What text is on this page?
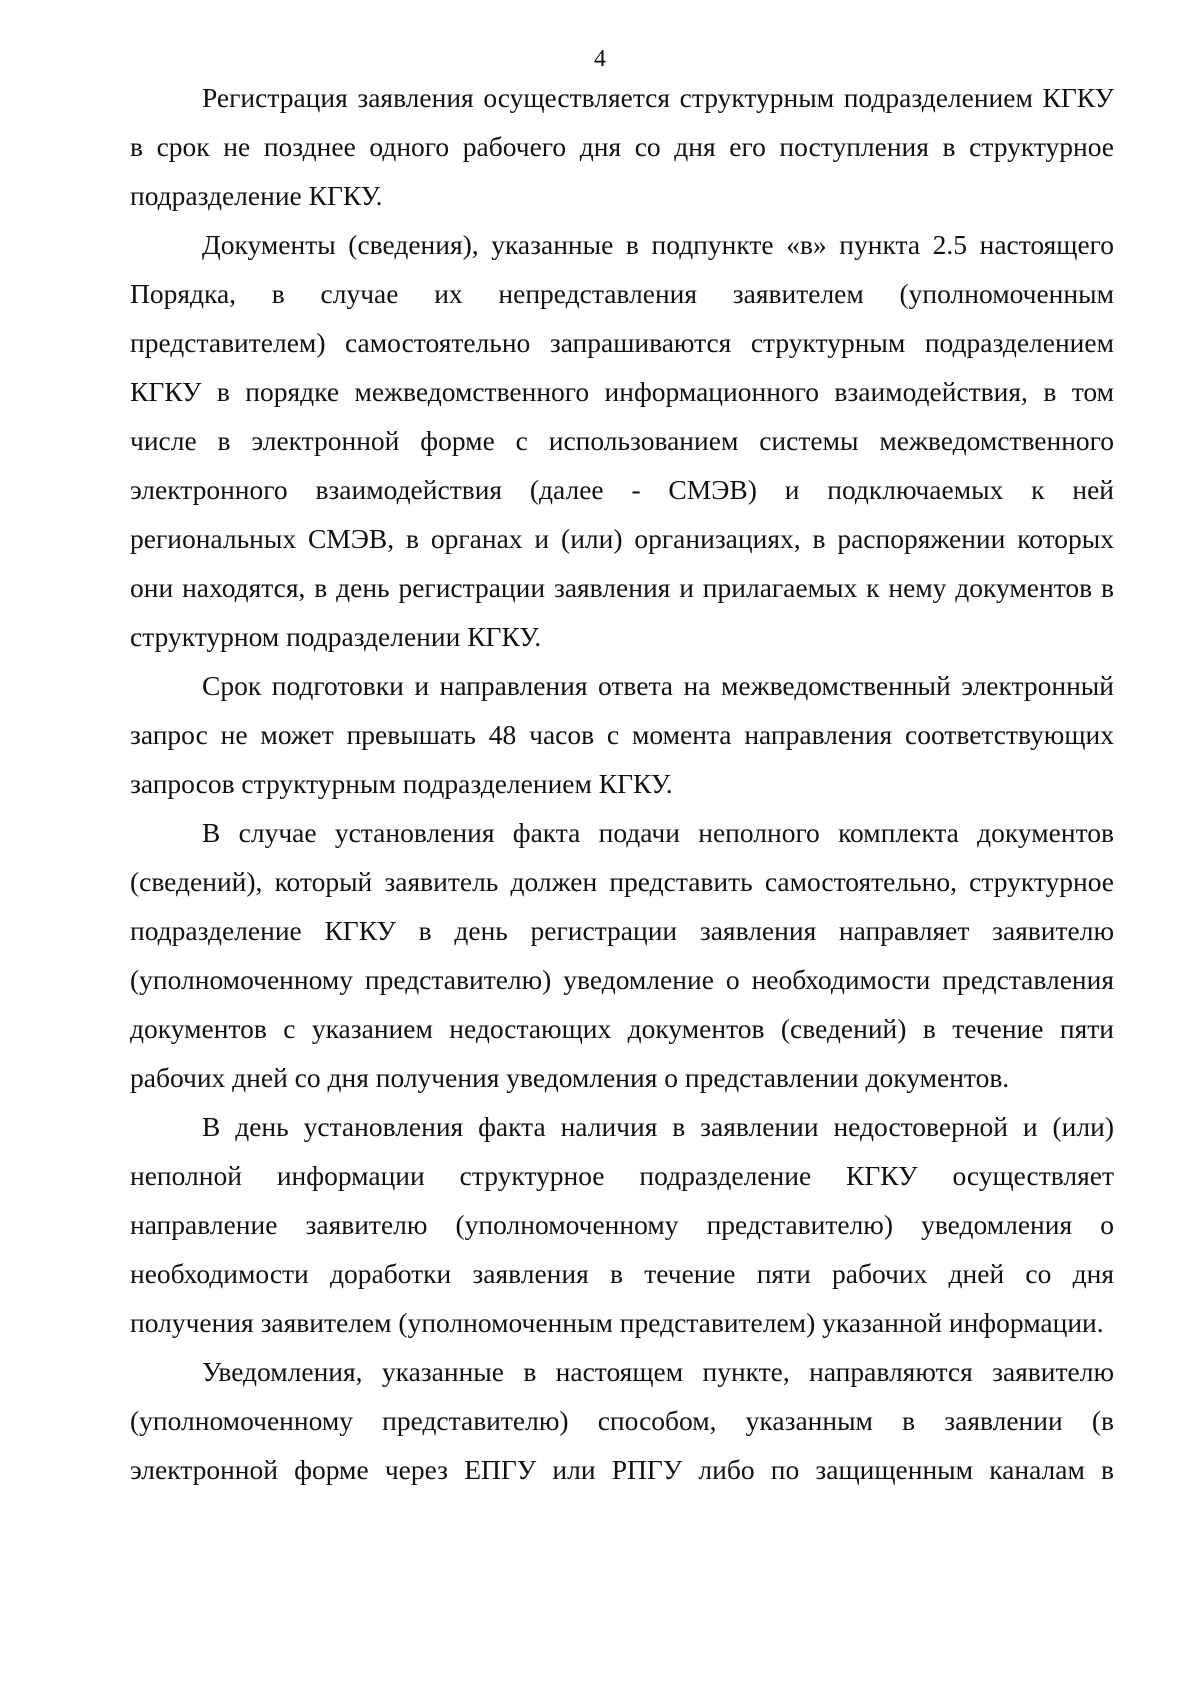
4

Регистрация заявления осуществляется структурным подразделением КГКУ в срок не позднее одного рабочего дня со дня его поступления в структурное подразделение КГКУ.

Документы (сведения), указанные в подпункте «в» пункта 2.5 настоящего Порядка, в случае их непредставления заявителем (уполномоченным представителем) самостоятельно запрашиваются структурным подразделением КГКУ в порядке межведомственного информационного взаимодействия, в том числе в электронной форме с использованием системы межведомственного электронного взаимодействия (далее - СМЭВ) и подключаемых к ней региональных СМЭВ, в органах и (или) организациях, в распоряжении которых они находятся, в день регистрации заявления и прилагаемых к нему документов в структурном подразделении КГКУ.

Срок подготовки и направления ответа на межведомственный электронный запрос не может превышать 48 часов с момента направления соответствующих запросов структурным подразделением КГКУ.

В случае установления факта подачи неполного комплекта документов (сведений), который заявитель должен представить самостоятельно, структурное подразделение КГКУ в день регистрации заявления направляет заявителю (уполномоченному представителю) уведомление о необходимости представления документов с указанием недостающих документов (сведений) в течение пяти рабочих дней со дня получения уведомления о представлении документов.

В день установления факта наличия в заявлении недостоверной и (или) неполной информации структурное подразделение КГКУ осуществляет направление заявителю (уполномоченному представителю) уведомления о необходимости доработки заявления в течение пяти рабочих дней со дня получения заявителем (уполномоченным представителем) указанной информации.

Уведомления, указанные в настоящем пункте, направляются заявителю (уполномоченному представителю) способом, указанным в заявлении (в электронной форме через ЕПГУ или РПГУ либо по защищенным каналам в
